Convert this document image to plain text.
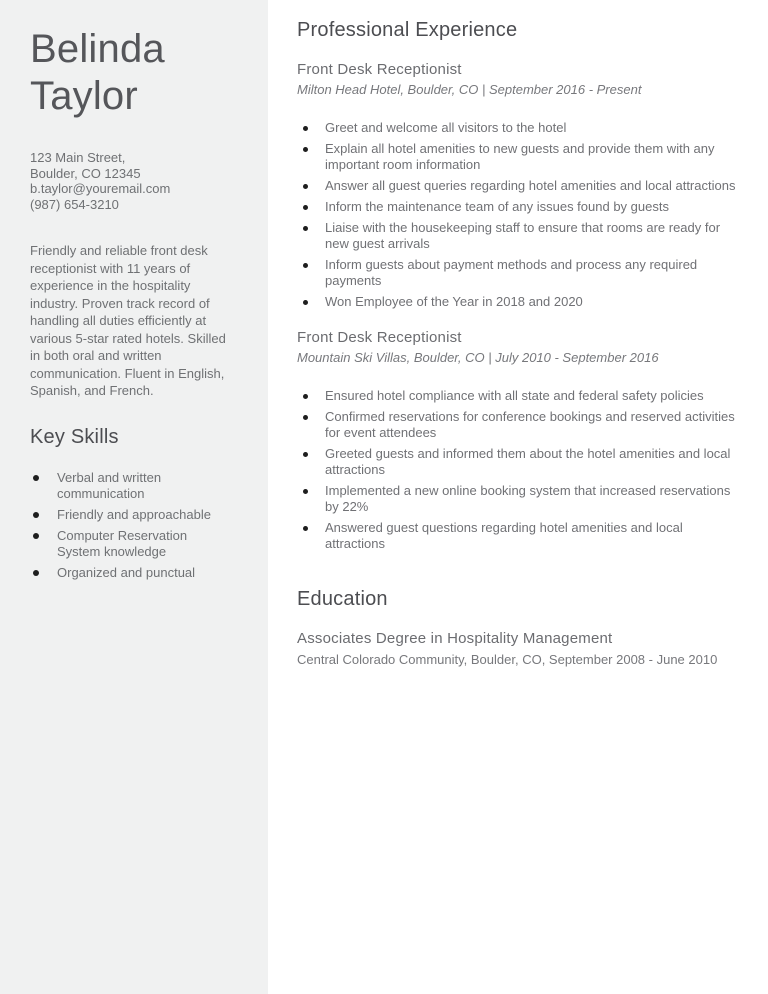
Belinda Taylor
123 Main Street,
Boulder, CO 12345
b.taylor@youremail.com
(987) 654-3210

Friendly and reliable front desk receptionist with 11 years of experience in the hospitality industry. Proven track record of handling all duties efficiently at various 5-star rated hotels. Skilled in both oral and written communication. Fluent in English, Spanish, and French.

Key Skills
Verbal and written communication
Friendly and approachable
Computer Reservation System knowledge
Organized and punctual
Professional Experience
Front Desk Receptionist
Milton Head Hotel, Boulder, CO | September 2016 - Present
Greet and welcome all visitors to the hotel
Explain all hotel amenities to new guests and provide them with any important room information
Answer all guest queries regarding hotel amenities and local attractions
Inform the maintenance team of any issues found by guests
Liaise with the housekeeping staff to ensure that rooms are ready for new guest arrivals
Inform guests about payment methods and process any required payments
Won Employee of the Year in 2018 and 2020
Front Desk Receptionist
Mountain Ski Villas, Boulder, CO | July 2010 - September 2016
Ensured hotel compliance with all state and federal safety policies
Confirmed reservations for conference bookings and reserved activities for event attendees
Greeted guests and informed them about the hotel amenities and local attractions
Implemented a new online booking system that increased reservations by 22%
Answered guest questions regarding hotel amenities and local attractions
Education
Associates Degree in Hospitality Management
Central Colorado Community, Boulder, CO, September 2008 - June 2010
